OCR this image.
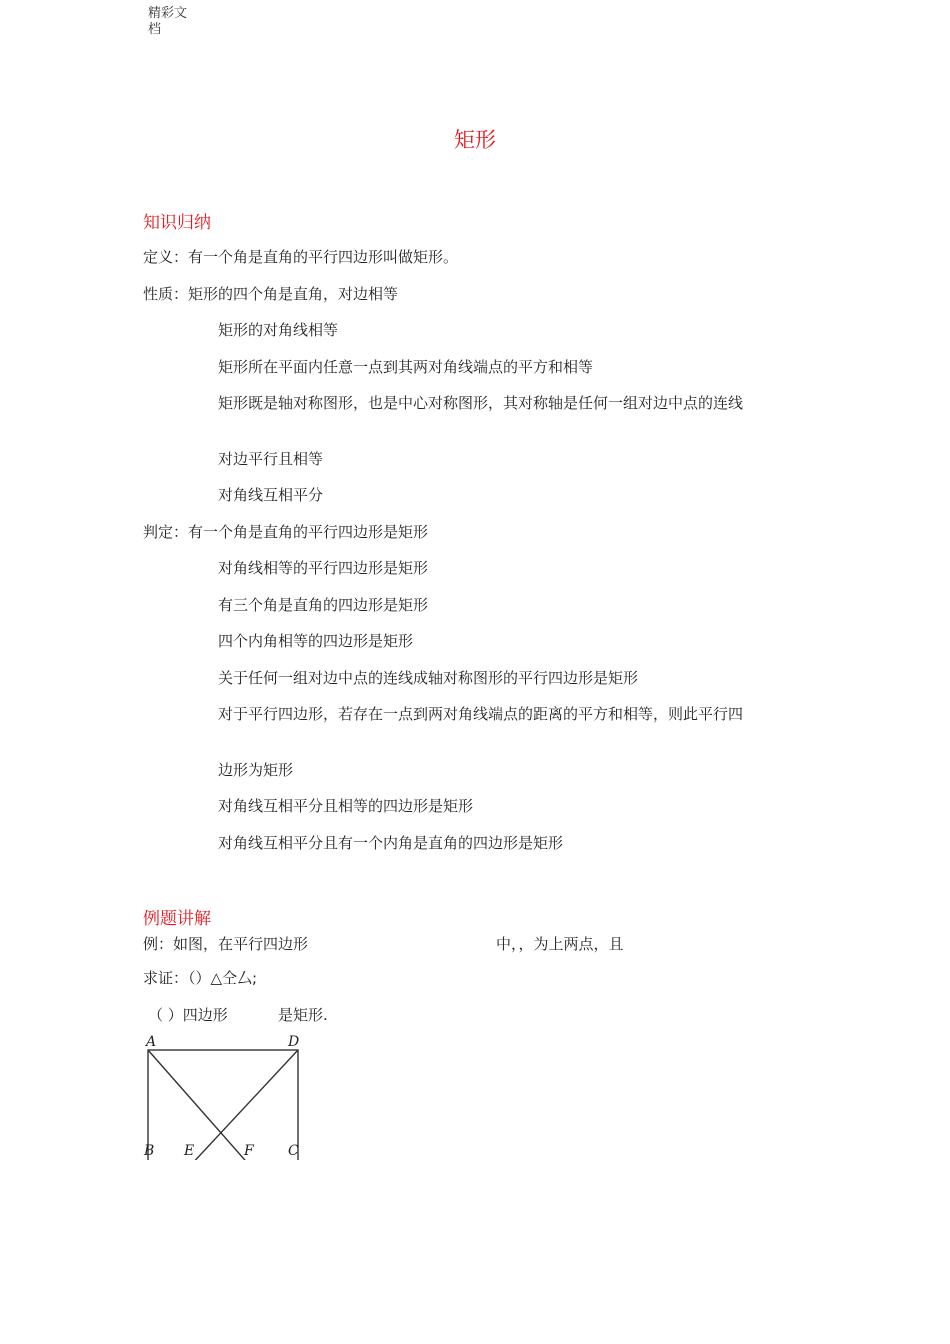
精彩文
档
矩形
知识归纳
定义：有一个角是直角的平行四边形叫做矩形。
性质：矩形的四个角是直角，对边相等
矩形的对角线相等
矩形所在平面内任意一点到其两对角线端点的平方和相等
矩形既是轴对称图形，也是中心对称图形，其对称轴是任何一组对边中点的连线
对边平行且相等
对角线互相平分
判定：有一个角是直角的平行四边形是矩形
对角线相等的平行四边形是矩形
有三个角是直角的四边形是矩形
四个内角相等的四边形是矩形
关于任何一组对边中点的连线成轴对称图形的平行四边形是矩形
对于平行四边形，若存在一点到两对角线端点的距离的平方和相等，则此平行四
边形为矩形
对角线互相平分且相等的四边形是矩形
对角线互相平分且有一个内角是直角的四边形是矩形
例题讲解
例：如图，在平行四边形	中，，为上两点，且
求证：（）△仝厶;
（ ）四边形	是矩形.
A	D
B E	F C
